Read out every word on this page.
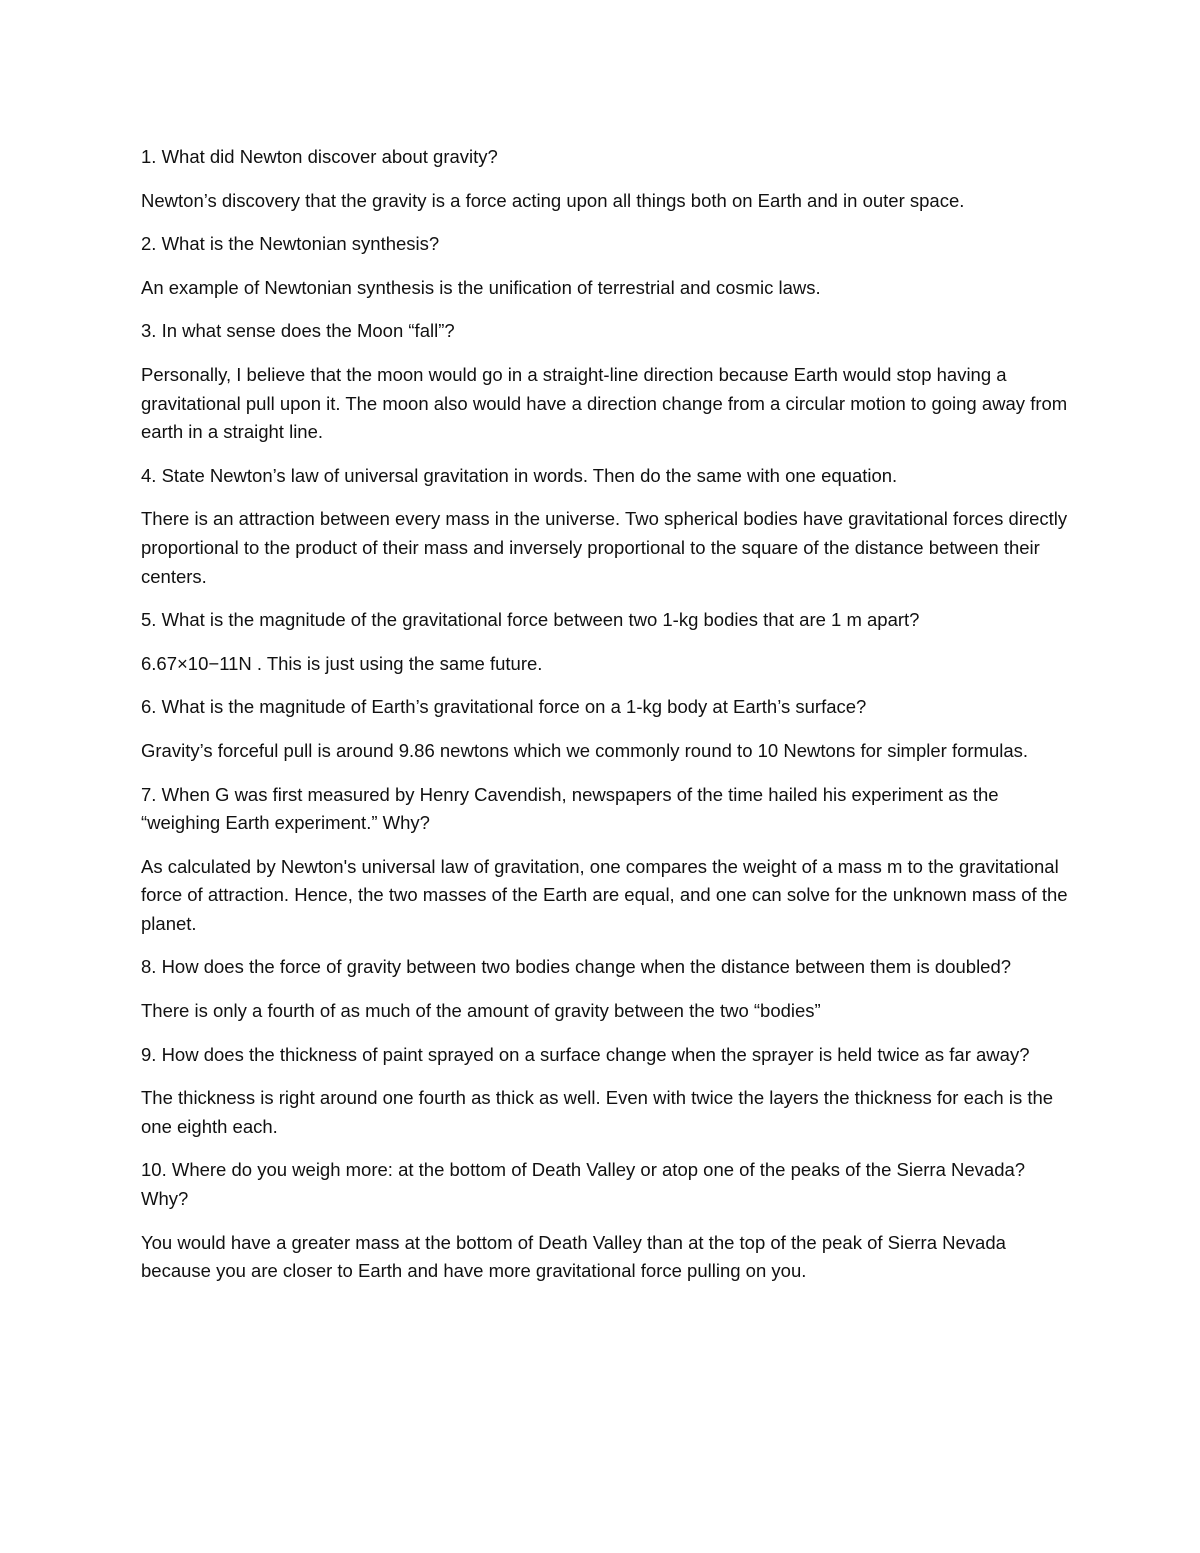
1. What did Newton discover about gravity?

Newton’s discovery that the gravity is a force acting upon all things both on Earth and in outer space.

2. What is the Newtonian synthesis?

An example of Newtonian synthesis is the unification of terrestrial and cosmic laws.

3. In what sense does the Moon “fall”?

Personally, I believe that the moon would go in a straight-line direction because Earth would stop having a gravitational pull upon it. The moon also would have a direction change from a circular motion to going away from earth in a straight line.

4. State Newton’s law of universal gravitation in words. Then do the same with one equation.

There is an attraction between every mass in the universe. Two spherical bodies have gravitational forces directly proportional to the product of their mass and inversely proportional to the square of the distance between their centers.

5. What is the magnitude of the gravitational force between two 1-kg bodies that are 1 m apart?

6.67×10−11N . This is just using the same future.

6. What is the magnitude of Earth’s gravitational force on a 1-kg body at Earth’s surface?

Gravity’s forceful pull is around 9.86 newtons which we commonly round to 10 Newtons for simpler formulas.

7. When G was first measured by Henry Cavendish, newspapers of the time hailed his experiment as the “weighing Earth experiment.” Why?

As calculated by Newton's universal law of gravitation, one compares the weight of a mass m to the gravitational force of attraction. Hence, the two masses of the Earth are equal, and one can solve for the unknown mass of the planet.

8. How does the force of gravity between two bodies change when the distance between them is doubled?

There is only a fourth of as much of the amount of gravity between the two “bodies”

9. How does the thickness of paint sprayed on a surface change when the sprayer is held twice as far away?

The thickness is right around one fourth as thick as well. Even with twice the layers the thickness for each is the one eighth each.

10. Where do you weigh more: at the bottom of Death Valley or atop one of the peaks of the Sierra Nevada? Why?

You would have a greater mass at the bottom of Death Valley than at the top of the peak of Sierra Nevada because you are closer to Earth and have more gravitational force pulling on you.
